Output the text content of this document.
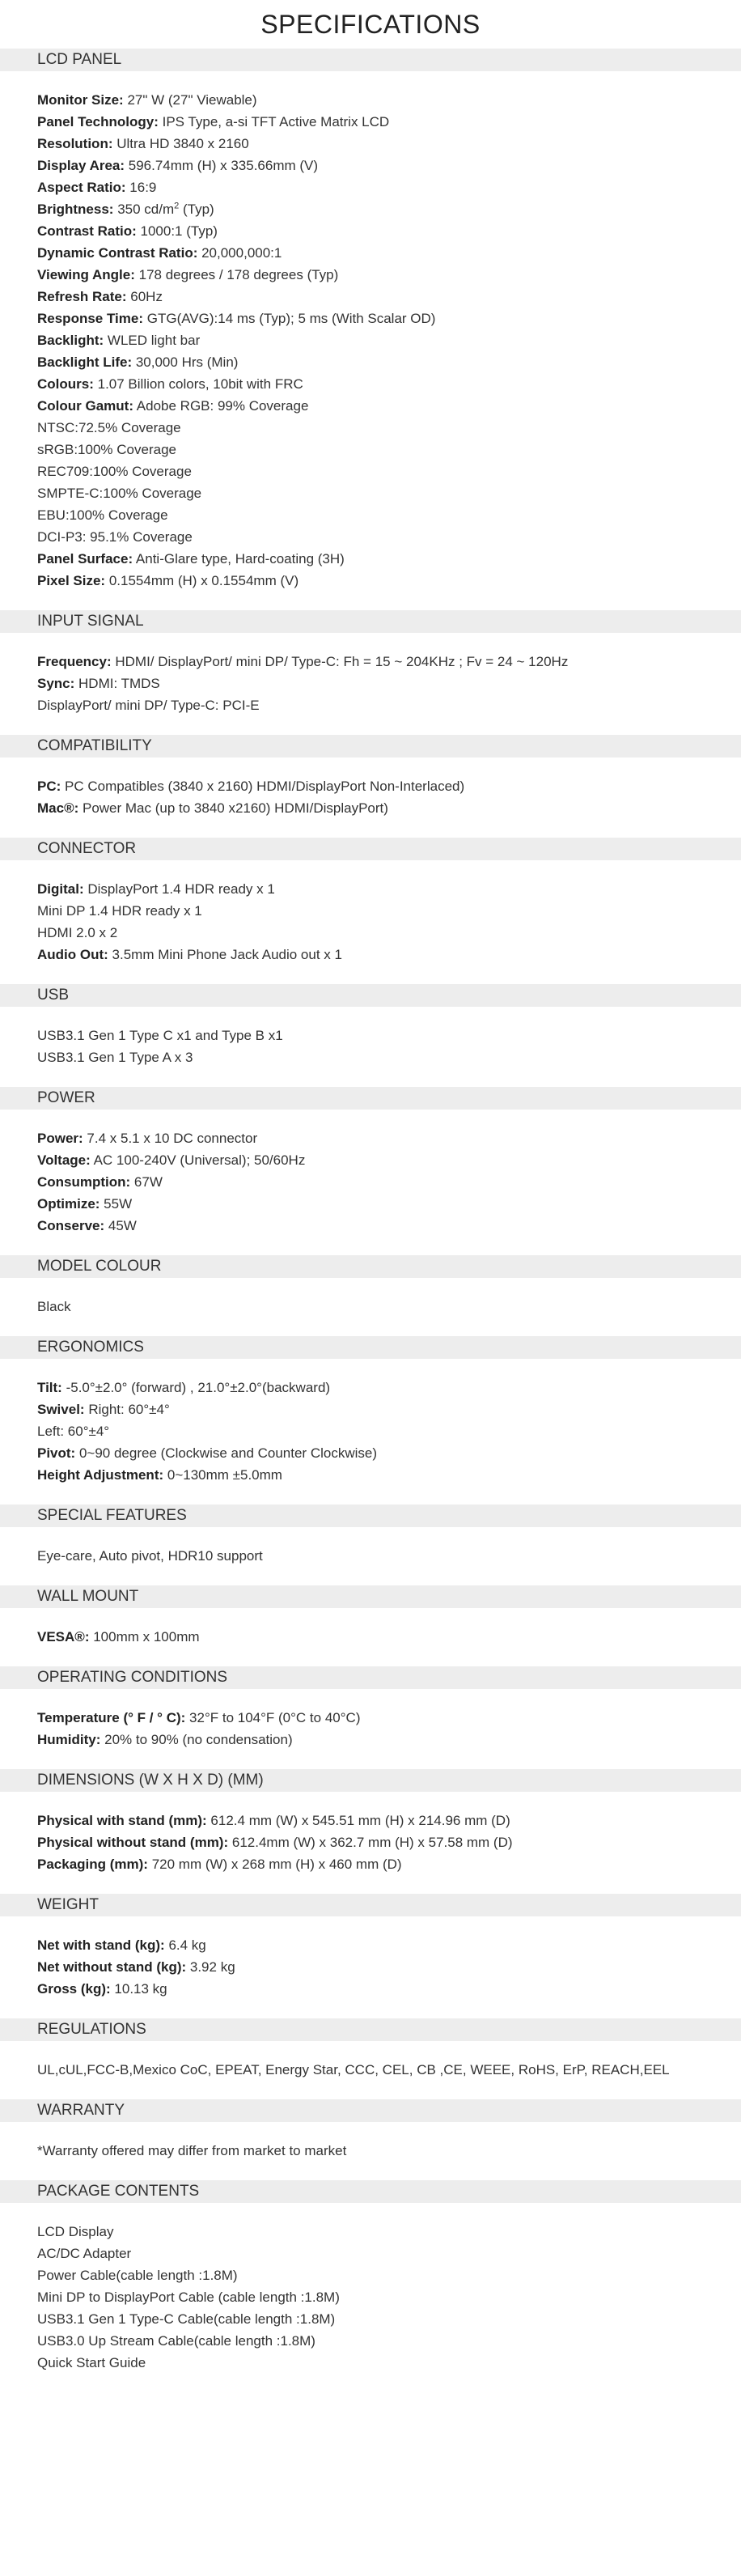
SPECIFICATIONS
LCD PANEL
Monitor Size: 27" W (27" Viewable)
Panel Technology: IPS Type, a-si TFT Active Matrix LCD
Resolution: Ultra HD 3840 x 2160
Display Area: 596.74mm (H) x 335.66mm (V)
Aspect Ratio: 16:9
Brightness: 350 $cd/m^2$ (Typ)
Contrast Ratio: 1000:1 (Typ)
Dynamic Contrast Ratio: 20,000,000:1
Viewing Angle: 178 degrees / 178 degrees (Typ)
Refresh Rate: 60Hz
Response Time: GTG(AVG):14 ms (Typ); 5 ms (With Scalar OD)
Backlight: WLED light bar
Backlight Life: 30,000 Hrs (Min)
Colours: 1.07 Billion colors, 10bit with FRC
Colour Gamut: Adobe RGB: 99% Coverage
NTSC:72.5% Coverage
sRGB:100% Coverage
REC709:100% Coverage
SMPTE-C:100% Coverage
EBU:100% Coverage
DCI-P3: 95.1% Coverage
Panel Surface: Anti-Glare type, Hard-coating (3H)
Pixel Size: 0.1554mm (H) x 0.1554mm (V)
INPUT SIGNAL
Frequency: HDMI/ DisplayPort/ mini DP/ Type-C: Fh = 15 ~ 204KHz ; Fv = 24 ~ 120Hz
Sync: HDMI: TMDS
DisplayPort/ mini DP/ Type-C: PCI-E
COMPATIBILITY
PC: PC Compatibles (3840 x 2160) HDMI/DisplayPort Non-Interlaced)
Mac®: Power Mac (up to 3840 x2160) HDMI/DisplayPort)
CONNECTOR
Digital: DisplayPort 1.4 HDR ready x 1
Mini DP 1.4 HDR ready x 1
HDMI 2.0 x 2
Audio Out: 3.5mm Mini Phone Jack Audio out x 1
USB
USB3.1 Gen 1 Type C x1 and Type B x1
USB3.1 Gen 1 Type A x 3
POWER
Power: 7.4 x 5.1 x 10 DC connector
Voltage: AC 100-240V (Universal); 50/60Hz
Consumption: 67W
Optimize: 55W
Conserve: 45W
MODEL COLOUR
Black
ERGONOMICS
Tilt: -5.0°±2.0° (forward) , 21.0°±2.0°(backward)
Swivel: Right: 60°±4°
Left: 60°±4°
Pivot: 0~90 degree (Clockwise and Counter Clockwise)
Height Adjustment: 0~130mm ±5.0mm
SPECIAL FEATURES
Eye-care, Auto pivot, HDR10 support
WALL MOUNT
VESA®: 100mm x 100mm
OPERATING CONDITIONS
Temperature (° F / ° C): 32°F to 104°F (0°C to 40°C)
Humidity: 20% to 90% (no condensation)
DIMENSIONS (W X H X D) (MM)
Physical with stand (mm): 612.4 mm (W) x 545.51 mm (H) x 214.96 mm (D)
Physical without stand (mm): 612.4mm (W) x 362.7 mm (H) x 57.58 mm (D)
Packaging (mm): 720 mm (W) x 268 mm (H) x 460 mm (D)
WEIGHT
Net with stand (kg): 6.4 kg
Net without stand (kg): 3.92 kg
Gross (kg): 10.13 kg
REGULATIONS
UL,cUL,FCC-B,Mexico CoC, EPEAT, Energy Star, CCC, CEL, CB ,CE, WEEE, RoHS, ErP, REACH,EEL
WARRANTY
*Warranty offered may differ from market to market
PACKAGE CONTENTS
LCD Display
AC/DC Adapter
Power Cable(cable length :1.8M)
Mini DP to DisplayPort Cable (cable length :1.8M)
USB3.1 Gen 1 Type-C Cable(cable length :1.8M)
USB3.0 Up Stream Cable(cable length :1.8M)
Quick Start Guide
